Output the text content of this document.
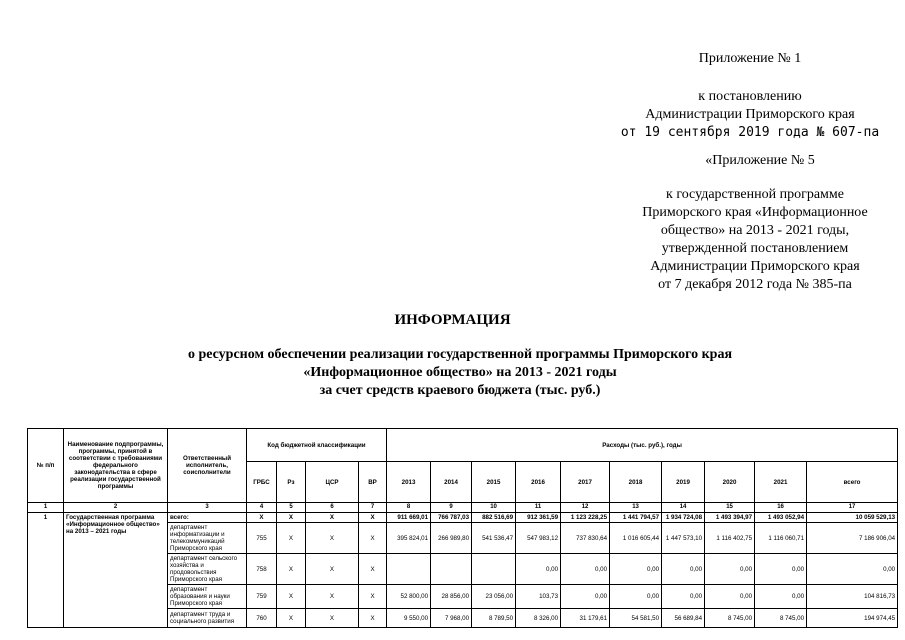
Приложение № 1
к постановлению
Администрации Приморского края
от 19 сентября 2019 года № 607-па
«Приложение № 5
к государственной программе
Приморского края «Информационное
общество» на 2013 - 2021 годы,
утвержденной постановлением
Администрации Приморского края
от 7 декабря 2012 года № 385-па
ИНФОРМАЦИЯ
о ресурсном обеспечении реализации государственной программы Приморского края
«Информационное общество» на 2013 - 2021 годы
за счет средств краевого бюджета (тыс. руб.)
№ п/п	Наименование подпрограммы, программы, принятой в соответствии с требованиями федерального законодательства в сфере реализации государственной программы	Ответственный исполнитель, соисполнители	Код бюджетной классификации				Расходы (тыс. руб.), годы									
			ГРБС	Рз	ЦСР	ВР	2013	2014	2015	2016	2017	2018	2019	2020	2021	всего
1	2	3	4	5	6	7	8	9	10	11	12	13	14	15	16	17
1	Государственная программа «Информационное общество» на 2013 – 2021 годы	всего:	Х	Х	Х	Х	911 669,01	766 787,03	882 516,69	912 361,59	1 123 228,25	1 441 794,57	1 934 724,08	1 493 394,97	1 493 052,94	10 059 529,13
		департамент информатизации и телекоммуникаций Приморского края	755	Х	Х	Х	395 824,01	266 989,80	541 536,47	547 983,12	737 830,64	1 016 605,44	1 447 573,10	1 116 402,75	1 116 060,71	7 186 906,04
		департамент сельского хозяйства и продовольствия Приморского края	758	Х	Х	Х				0,00	0,00	0,00	0,00	0,00	0,00	0,00
		департамент образования и науки Приморского края	759	Х	Х	Х	52 800,00	28 856,00	23 056,00	103,73	0,00	0,00	0,00	0,00	0,00	104 816,73
		департамент труда и социального развития	760	Х	Х	Х	9 550,00	7 968,00	8 789,50	8 326,00	31 179,61	54 581,50	56 689,84	8 745,00	8 745,00	194 974,45
